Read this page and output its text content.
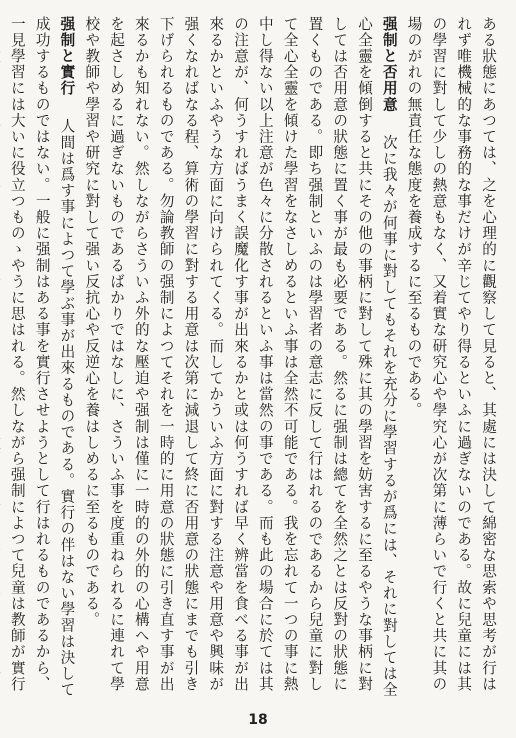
ある狀態にあつては、之を心理的に觀察して見ると、其處には決して綿密な思索や思考が行はれず唯機械的な事務的な事だけが辛じてやり得るといふに過ぎないのである。故に兒童には其の學習に對して少しの熱意もなく、又着實な研究心や學究心が次第に薄らいで行くと共に其の場のがれの無責任な態度を養成するに至るものである。

强制と否用意次に我々が何事に對してもそれを充分に學習するが爲には、それに對しては全心全靈を傾倒すると共にその他の事柄に對して殊に其の學習を妨害するに至るやうな事柄に對しては否用意の狀態に置く事が最も必要である。然るに强制は總てを全然之とは反對の狀態に置くものである。即ち强制といふのは學習者の意志に反して行はれるのであるから兒童に對して全心全靈を傾けた學習をなさしめるといふ事は全然不可能である。我を忘れて一つの事に熱中し得ない以上注意が色々に分散されるといふ事は當然の事である。而も此の場合に於ては其の注意が、何うすればうまく誤魔化す事が出來るかと或は何うすれば早く辨當を食べる事が出來るかといふやうな方面に向けられてくる。而してかういふ方面に對する注意や用意や興味が强くなればなる程、算術の學習に對する用意は次第に減退して終に否用意の狀態にまでも引き下げられるものである。勿論教師の强制によつてそれを一時的に用意の狀態に引き直す事が出來るかも知れない。然しながらさういふ外的な壓迫や强制は僅に一時的の外的の心構へや用意を起さしめるに過ぎないものであるばかりではなしに、さういふ事を度重ねられるに連れて學校や教師や學習や研究に對して强い反抗心や反逆心を養はしめるに至るものである。

强制と實行人間は爲す事によつて學ぶ事が出來るものである。實行の伴はない學習は決して成功するものではない。一般に强制はある事を實行させようとして行はれるものであるから、一見學習には大いに役立つものゝやうに思はれる。然しながら强制によつて兒童は教師が實行

18
